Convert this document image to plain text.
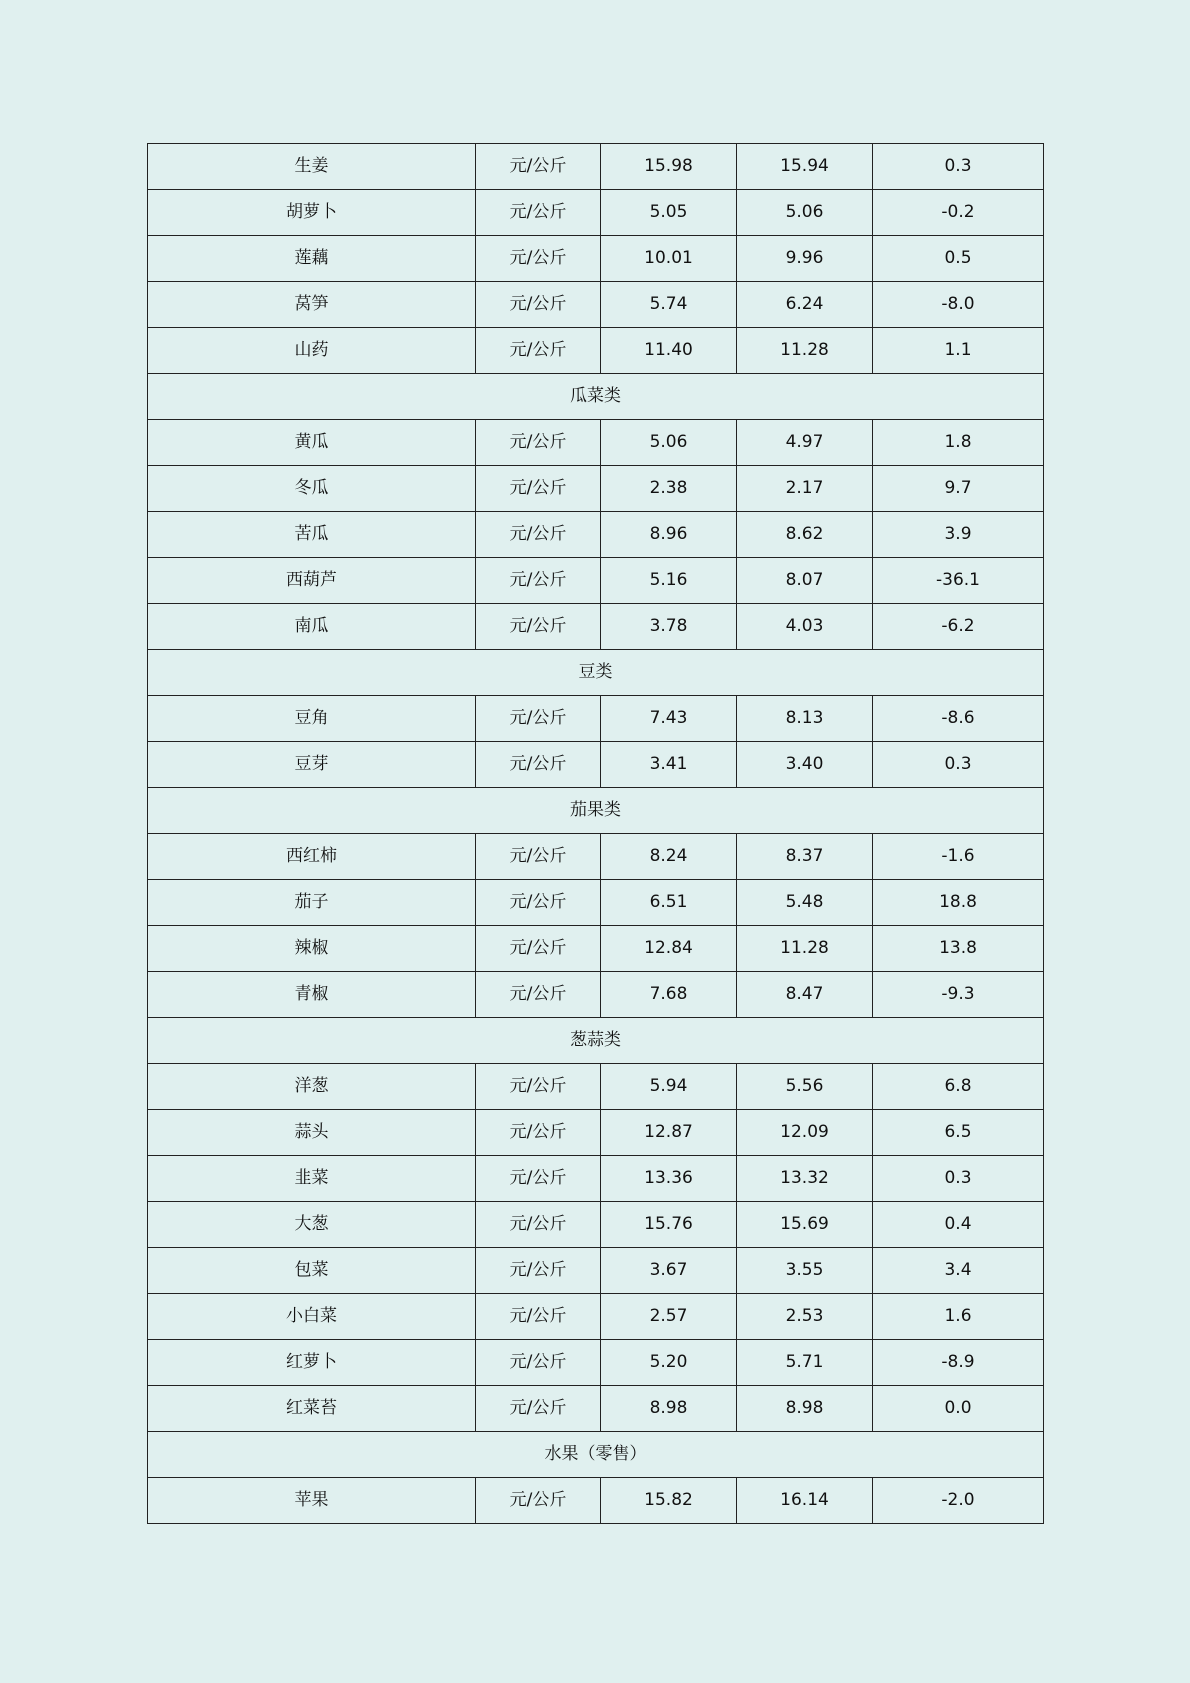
生姜	元/公斤	15.98	15.94	0.3
胡萝卜	元/公斤	5.05	5.06	-0.2
莲藕	元/公斤	10.01	9.96	0.5
莴笋	元/公斤	5.74	6.24	-8.0
山药	元/公斤	11.40	11.28	1.1
瓜菜类				
黄瓜	元/公斤	5.06	4.97	1.8
冬瓜	元/公斤	2.38	2.17	9.7
苦瓜	元/公斤	8.96	8.62	3.9
西葫芦	元/公斤	5.16	8.07	-36.1
南瓜	元/公斤	3.78	4.03	-6.2
豆类				
豆角	元/公斤	7.43	8.13	-8.6
豆芽	元/公斤	3.41	3.40	0.3
茄果类				
西红柿	元/公斤	8.24	8.37	-1.6
茄子	元/公斤	6.51	5.48	18.8
辣椒	元/公斤	12.84	11.28	13.8
青椒	元/公斤	7.68	8.47	-9.3
葱蒜类				
洋葱	元/公斤	5.94	5.56	6.8
蒜头	元/公斤	12.87	12.09	6.5
韭菜	元/公斤	13.36	13.32	0.3
大葱	元/公斤	15.76	15.69	0.4
包菜	元/公斤	3.67	3.55	3.4
小白菜	元/公斤	2.57	2.53	1.6
红萝卜	元/公斤	5.20	5.71	-8.9
红菜苔	元/公斤	8.98	8.98	0.0
水果（零售）				
苹果	元/公斤	15.82	16.14	-2.0
